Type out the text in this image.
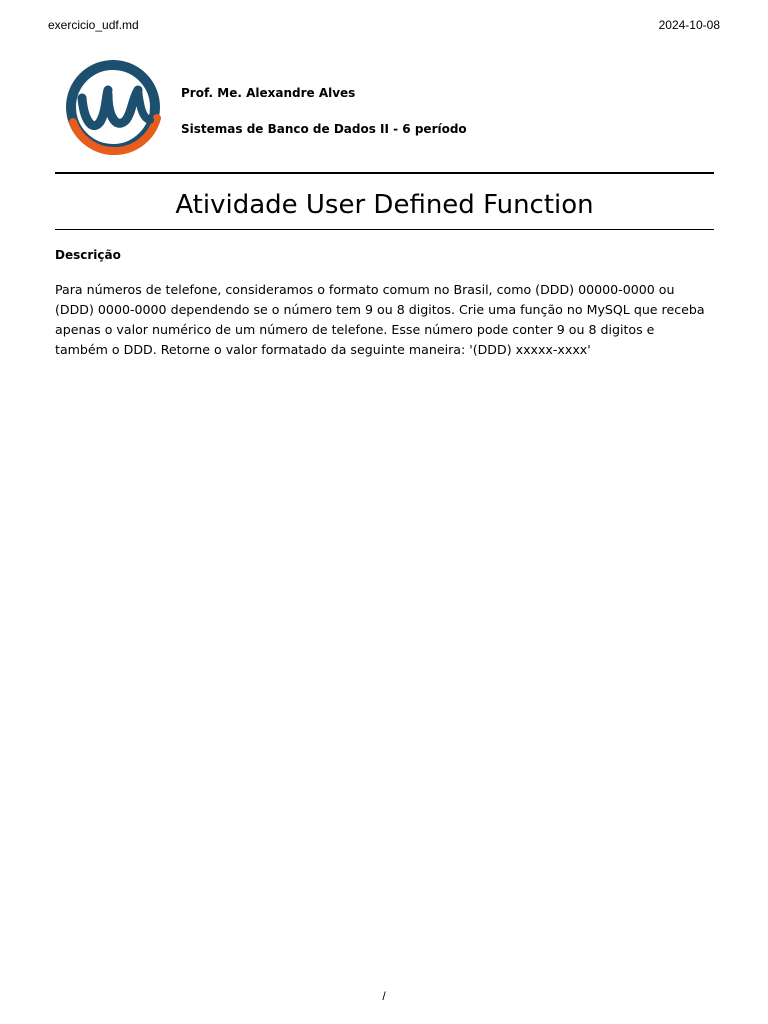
exercicio_udf.md	2024-10-08

Prof. Me. Alexandre Alves

Sistemas de Banco de Dados II - 6 período

Atividade User Defined Function
Descrição

Para números de telefone, consideramos o formato comum no Brasil, como (DDD) 00000-0000 ou (DDD) 0000-0000 dependendo se o número tem 9 ou 8 digitos. Crie uma função no MySQL que receba apenas o valor numérico de um número de telefone. Esse número pode conter 9 ou 8 digitos e também o DDD. Retorne o valor formatado da seguinte maneira: '(DDD) xxxxx-xxxx'

/
